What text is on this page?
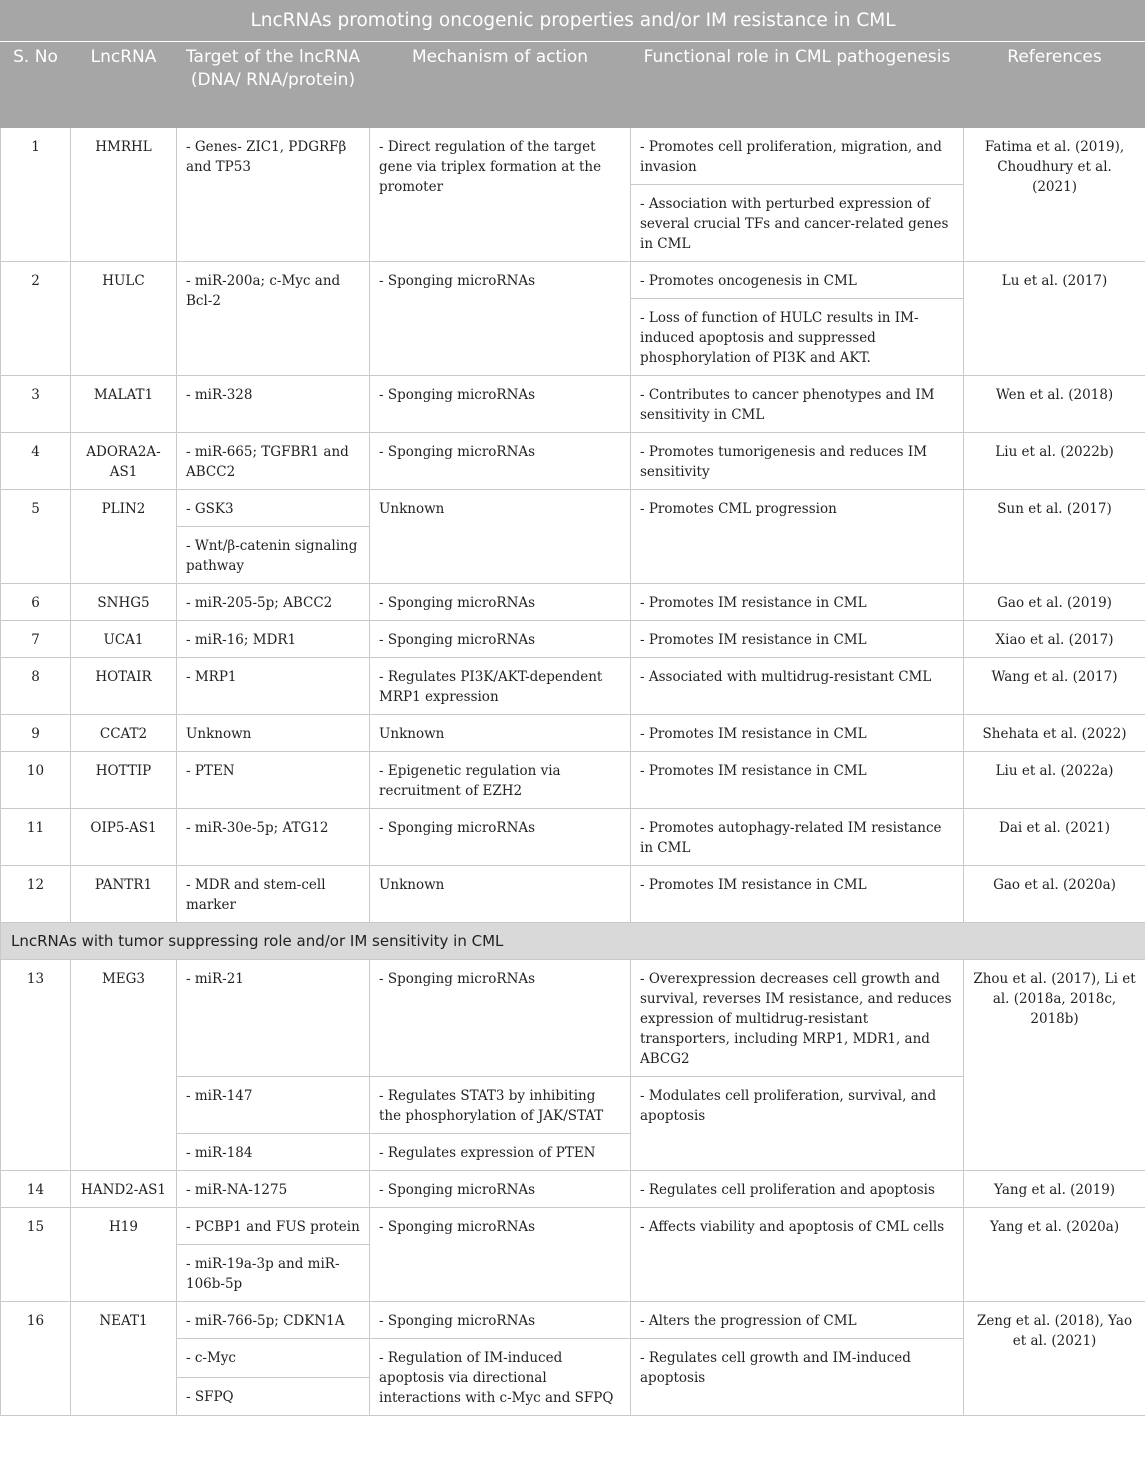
LncRNAs promoting oncogenic properties and/or IM resistance in CML					
S. No	LncRNA	Target of the lncRNA (DNA/ RNA/protein)	Mechanism of action	Functional role in CML pathogenesis	References
1	HMRHL	- Genes- ZIC1, PDGRFβ and TP53	- Direct regulation of the target gene via triplex formation at the promoter	- Promotes cell proliferation, migration, and invasion	Fatima et al. (2019), Choudhury et al. (2021)
				- Association with perturbed expression of several crucial TFs and cancer-related genes in CML	
2	HULC	- miR-200a; c-Myc and Bcl-2	- Sponging microRNAs	- Promotes oncogenesis in CML	Lu et al. (2017)
				- Loss of function of HULC results in IM-induced apoptosis and suppressed phosphorylation of PI3K and AKT.	
3	MALAT1	- miR-328	- Sponging microRNAs	- Contributes to cancer phenotypes and IM sensitivity in CML	Wen et al. (2018)
4	ADORA2A-AS1	- miR-665; TGFBR1 and ABCC2	- Sponging microRNAs	- Promotes tumorigenesis and reduces IM sensitivity	Liu et al. (2022b)
5	PLIN2	- GSK3	Unknown	- Promotes CML progression	Sun et al. (2017)
		- Wnt/β-catenin signaling pathway			
6	SNHG5	- miR-205-5p; ABCC2	- Sponging microRNAs	- Promotes IM resistance in CML	Gao et al. (2019)
7	UCA1	- miR-16; MDR1	- Sponging microRNAs	- Promotes IM resistance in CML	Xiao et al. (2017)
8	HOTAIR	- MRP1	- Regulates PI3K/AKT-dependent MRP1 expression	- Associated with multidrug-resistant CML	Wang et al. (2017)
9	CCAT2	Unknown	Unknown	- Promotes IM resistance in CML	Shehata et al. (2022)
10	HOTTIP	- PTEN	- Epigenetic regulation via recruitment of EZH2	- Promotes IM resistance in CML	Liu et al. (2022a)
11	OIP5-AS1	- miR-30e-5p; ATG12	- Sponging microRNAs	- Promotes autophagy-related IM resistance in CML	Dai et al. (2021)
12	PANTR1	- MDR and stem-cell marker	Unknown	- Promotes IM resistance in CML	Gao et al. (2020a)
LncRNAs with tumor suppressing role and/or IM sensitivity in CML					
13	MEG3	- miR-21	- Sponging microRNAs	- Overexpression decreases cell growth and survival, reverses IM resistance, and reduces expression of multidrug-resistant transporters, including MRP1, MDR1, and ABCG2	Zhou et al. (2017), Li et al. (2018a, 2018c, 2018b)
		- miR-147	- Regulates STAT3 by inhibiting the phosphorylation of JAK/STAT	- Modulates cell proliferation, survival, and apoptosis	
		- miR-184	- Regulates expression of PTEN		
14	HAND2-AS1	- miR-NA-1275	- Sponging microRNAs	- Regulates cell proliferation and apoptosis	Yang et al. (2019)
15	H19	- PCBP1 and FUS protein	- Sponging microRNAs	- Affects viability and apoptosis of CML cells	Yang et al. (2020a)
		- miR-19a-3p and miR-106b-5p			
16	NEAT1	- miR-766-5p; CDKN1A	- Sponging microRNAs	- Alters the progression of CML	Zeng et al. (2018), Yao et al. (2021)
		- c-Myc	- Regulation of IM-induced apoptosis via directional interactions with c-Myc and SFPQ	- Regulates cell growth and IM-induced apoptosis	
		- SFPQ			
